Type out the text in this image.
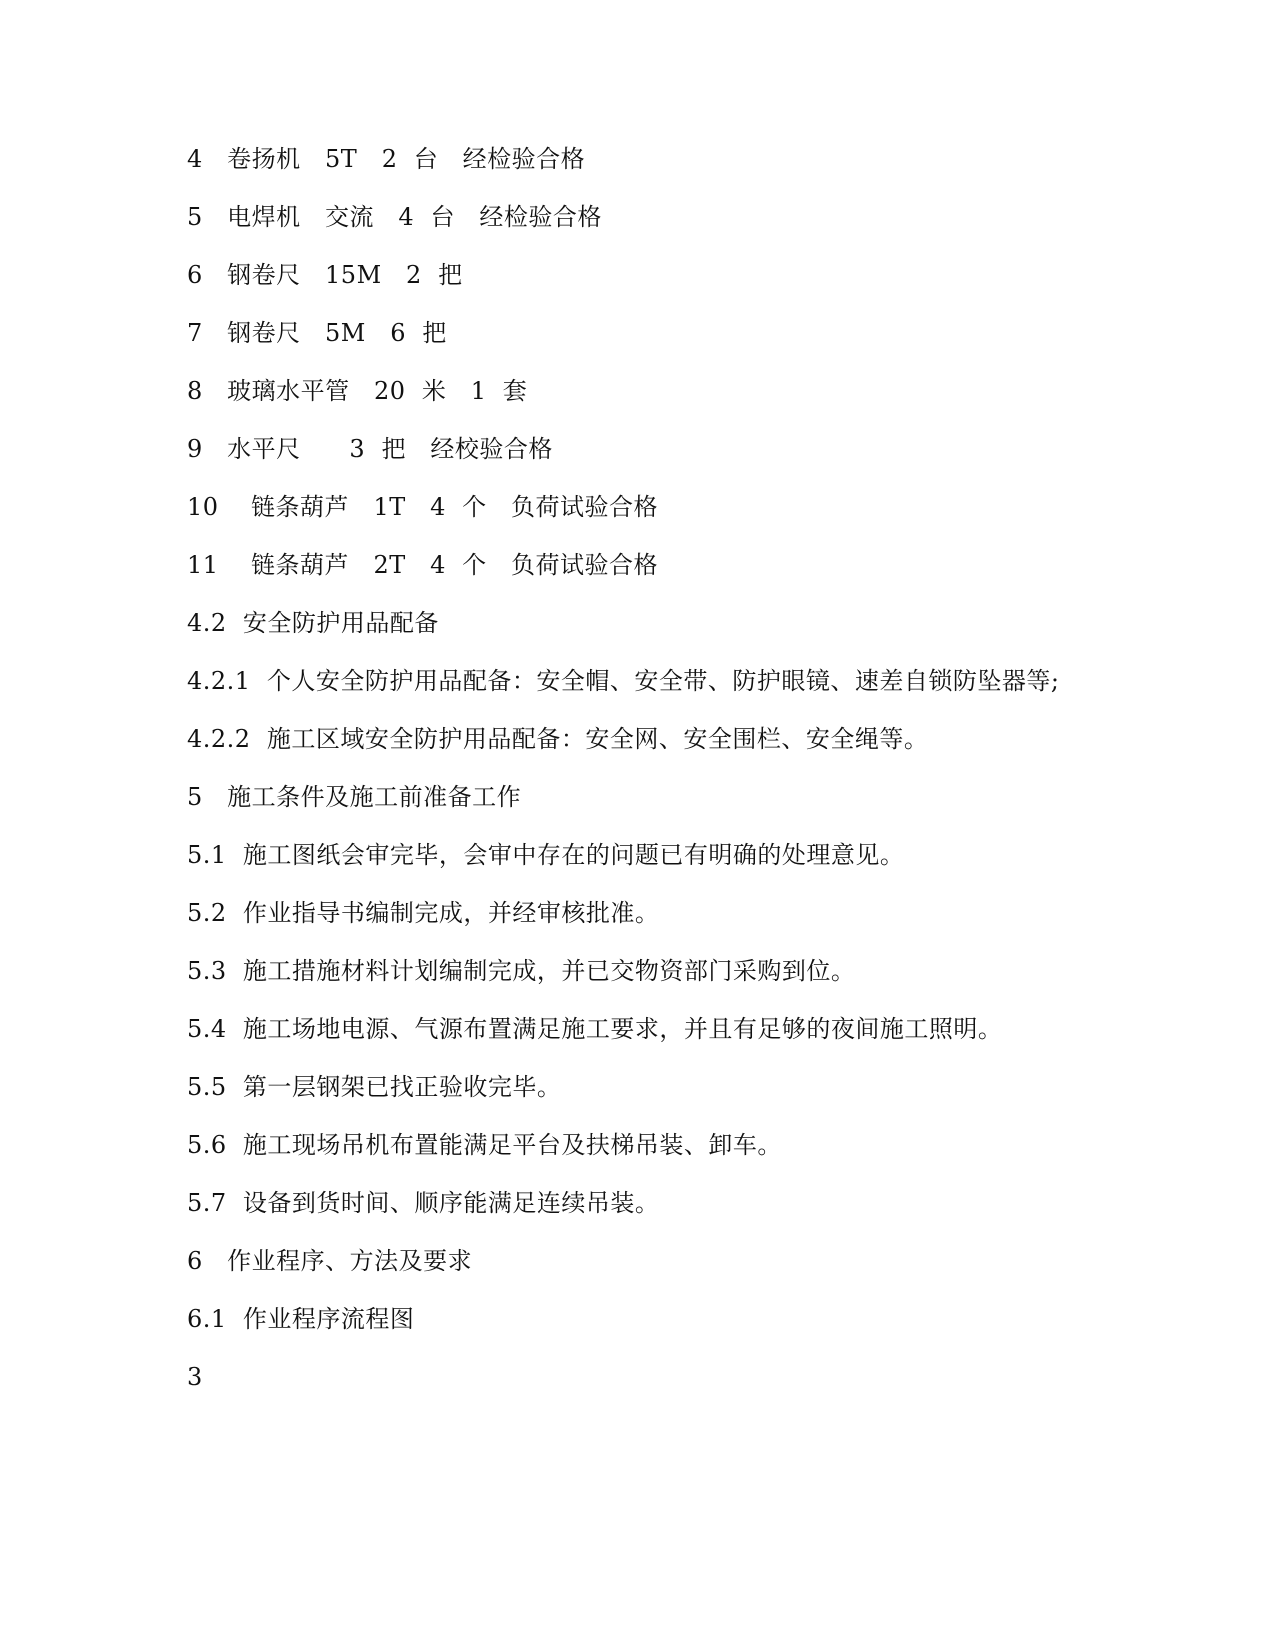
4   卷扬机   5T   2  台   经检验合格
5   电焊机   交流   4  台   经检验合格
6   钢卷尺   15M   2  把
7   钢卷尺   5M   6  把
8   玻璃水平管   20  米   1  套
9   水平尺      3  把   经校验合格
10    链条葫芦   1T   4  个   负荷试验合格
11    链条葫芦   2T   4  个   负荷试验合格
4.2  安全防护用品配备
4.2.1  个人安全防护用品配备：安全帽、安全带、防护眼镜、速差自锁防坠器等;
4.2.2  施工区域安全防护用品配备：安全网、安全围栏、安全绳等。
5   施工条件及施工前准备工作
5.1  施工图纸会审完毕，会审中存在的问题已有明确的处理意见。
5.2  作业指导书编制完成，并经审核批准。
5.3  施工措施材料计划编制完成，并已交物资部门采购到位。
5.4  施工场地电源、气源布置满足施工要求，并且有足够的夜间施工照明。
5.5  第一层钢架已找正验收完毕。
5.6  施工现场吊机布置能满足平台及扶梯吊装、卸车。
5.7  设备到货时间、顺序能满足连续吊装。
6   作业程序、方法及要求
6.1  作业程序流程图
3
